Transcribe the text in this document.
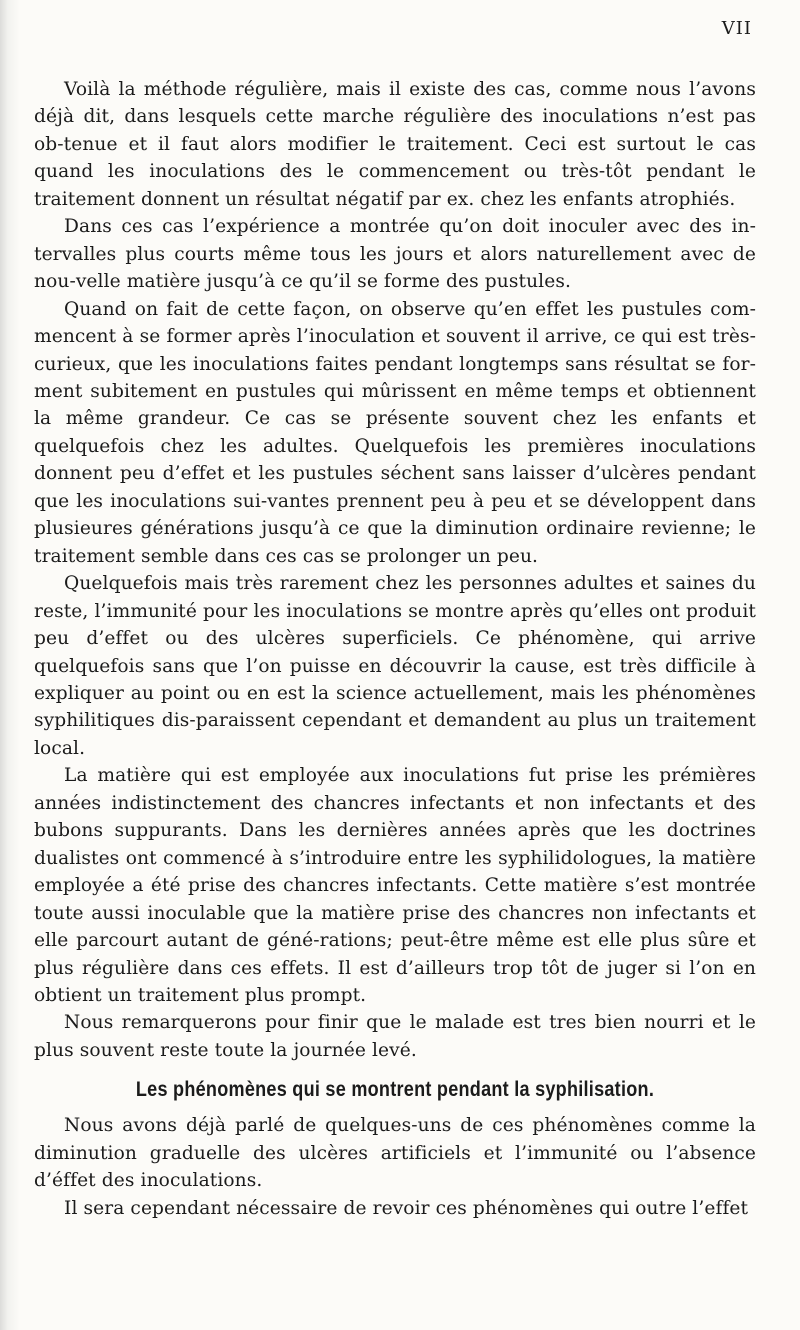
VII

Voilà la méthode régulière, mais il existe des cas, comme nous l’avons déjà dit, dans lesquels cette marche régulière des inoculations n’est pas ob-tenue et il faut alors modifier le traitement. Ceci est surtout le cas quand les inoculations des le commencement ou très-tôt pendant le traitement donnent un résultat négatif par ex. chez les enfants atrophiés.

Dans ces cas l’expérience a montrée qu’on doit inoculer avec des in-tervalles plus courts même tous les jours et alors naturellement avec de nou-velle matière jusqu’à ce qu’il se forme des pustules.

Quand on fait de cette façon, on observe qu’en effet les pustules com-mencent à se former après l’inoculation et souvent il arrive, ce qui est très-curieux, que les inoculations faites pendant longtemps sans résultat se for-ment subitement en pustules qui mûrissent en même temps et obtiennent la même grandeur. Ce cas se présente souvent chez les enfants et quelquefois chez les adultes. Quelquefois les premières inoculations donnent peu d’effet et les pustules séchent sans laisser d’ulcères pendant que les inoculations sui-vantes prennent peu à peu et se développent dans plusieures générations jusqu’à ce que la diminution ordinaire revienne; le traitement semble dans ces cas se prolonger un peu.

Quelquefois mais très rarement chez les personnes adultes et saines du reste, l’immunité pour les inoculations se montre après qu’elles ont produit peu d’effet ou des ulcères superficiels. Ce phénomène, qui arrive quelquefois sans que l’on puisse en découvrir la cause, est très difficile à expliquer au point ou en est la science actuellement, mais les phénomènes syphilitiques dis-paraissent cependant et demandent au plus un traitement local.

La matière qui est employée aux inoculations fut prise les prémières années indistinctement des chancres infectants et non infectants et des bubons suppurants. Dans les dernières années après que les doctrines dualistes ont commencé à s’introduire entre les syphilidologues, la matière employée a été prise des chancres infectants. Cette matière s’est montrée toute aussi inoculable que la matière prise des chancres non infectants et elle parcourt autant de géné-rations; peut-être même est elle plus sûre et plus régulière dans ces effets. Il est d’ailleurs trop tôt de juger si l’on en obtient un traitement plus prompt.

Nous remarquerons pour finir que le malade est tres bien nourri et le plus souvent reste toute la journée levé.

Les phénomènes qui se montrent pendant la syphilisation.

Nous avons déjà parlé de quelques-uns de ces phénomènes comme la diminution graduelle des ulcères artificiels et l’immunité ou l’absence d’éffet des inoculations.

Il sera cependant nécessaire de revoir ces phénomènes qui outre l’effet
